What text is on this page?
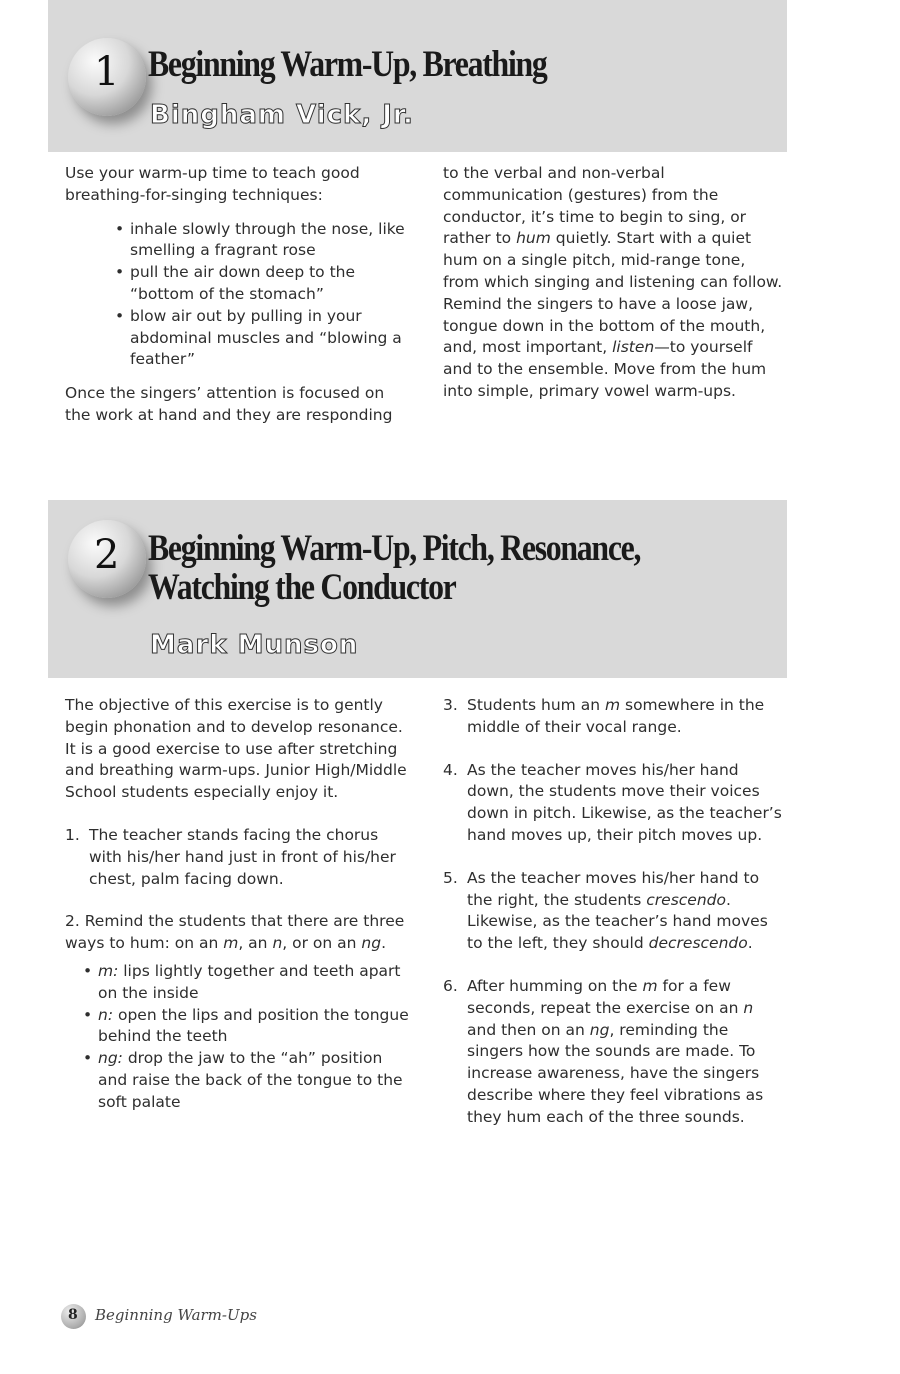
1 Beginning Warm-Up, Breathing
Bingham Vick, Jr.

Use your warm-up time to teach good breathing-for-singing techniques:

• inhale slowly through the nose, like smelling a fragrant rose
• pull the air down deep to the “bottom of the stomach”
• blow air out by pulling in your abdominal muscles and “blowing a feather”

Once the singers’ attention is focused on the work at hand and they are responding

to the verbal and non-verbal communication (gestures) from the conductor, it’s time to begin to sing, or rather to hum quietly. Start with a quiet hum on a single pitch, mid-range tone, from which singing and listening can follow. Remind the singers to have a loose jaw, tongue down in the bottom of the mouth, and, most important, listen—to yourself and to the ensemble. Move from the hum into simple, primary vowel warm-ups.

2 Beginning Warm-Up, Pitch, Resonance,
Watching the Conductor
Mark Munson

The objective of this exercise is to gently begin phonation and to develop resonance. It is a good exercise to use after stretching and breathing warm-ups. Junior High/Middle School students especially enjoy it.

1. The teacher stands facing the chorus with his/her hand just in front of his/her chest, palm facing down.

2. Remind the students that there are three ways to hum: on an m, an n, or on an ng.

• m: lips lightly together and teeth apart on the inside
• n: open the lips and position the tongue behind the teeth
• ng: drop the jaw to the “ah” position and raise the back of the tongue to the soft palate
3. Students hum an m somewhere in the middle of their vocal range.
4. As the teacher moves his/her hand down, the students move their voices down in pitch. Likewise, as the teacher’s hand moves up, their pitch moves up.
5. As the teacher moves his/her hand to the right, the students crescendo. Likewise, as the teacher’s hand moves to the left, they should decrescendo.
6. After humming on the m for a few seconds, repeat the exercise on an n and then on an ng, reminding the singers how the sounds are made. To increase awareness, have the singers describe where they feel vibrations as they hum each of the three sounds.
8 Beginning Warm-Ups
